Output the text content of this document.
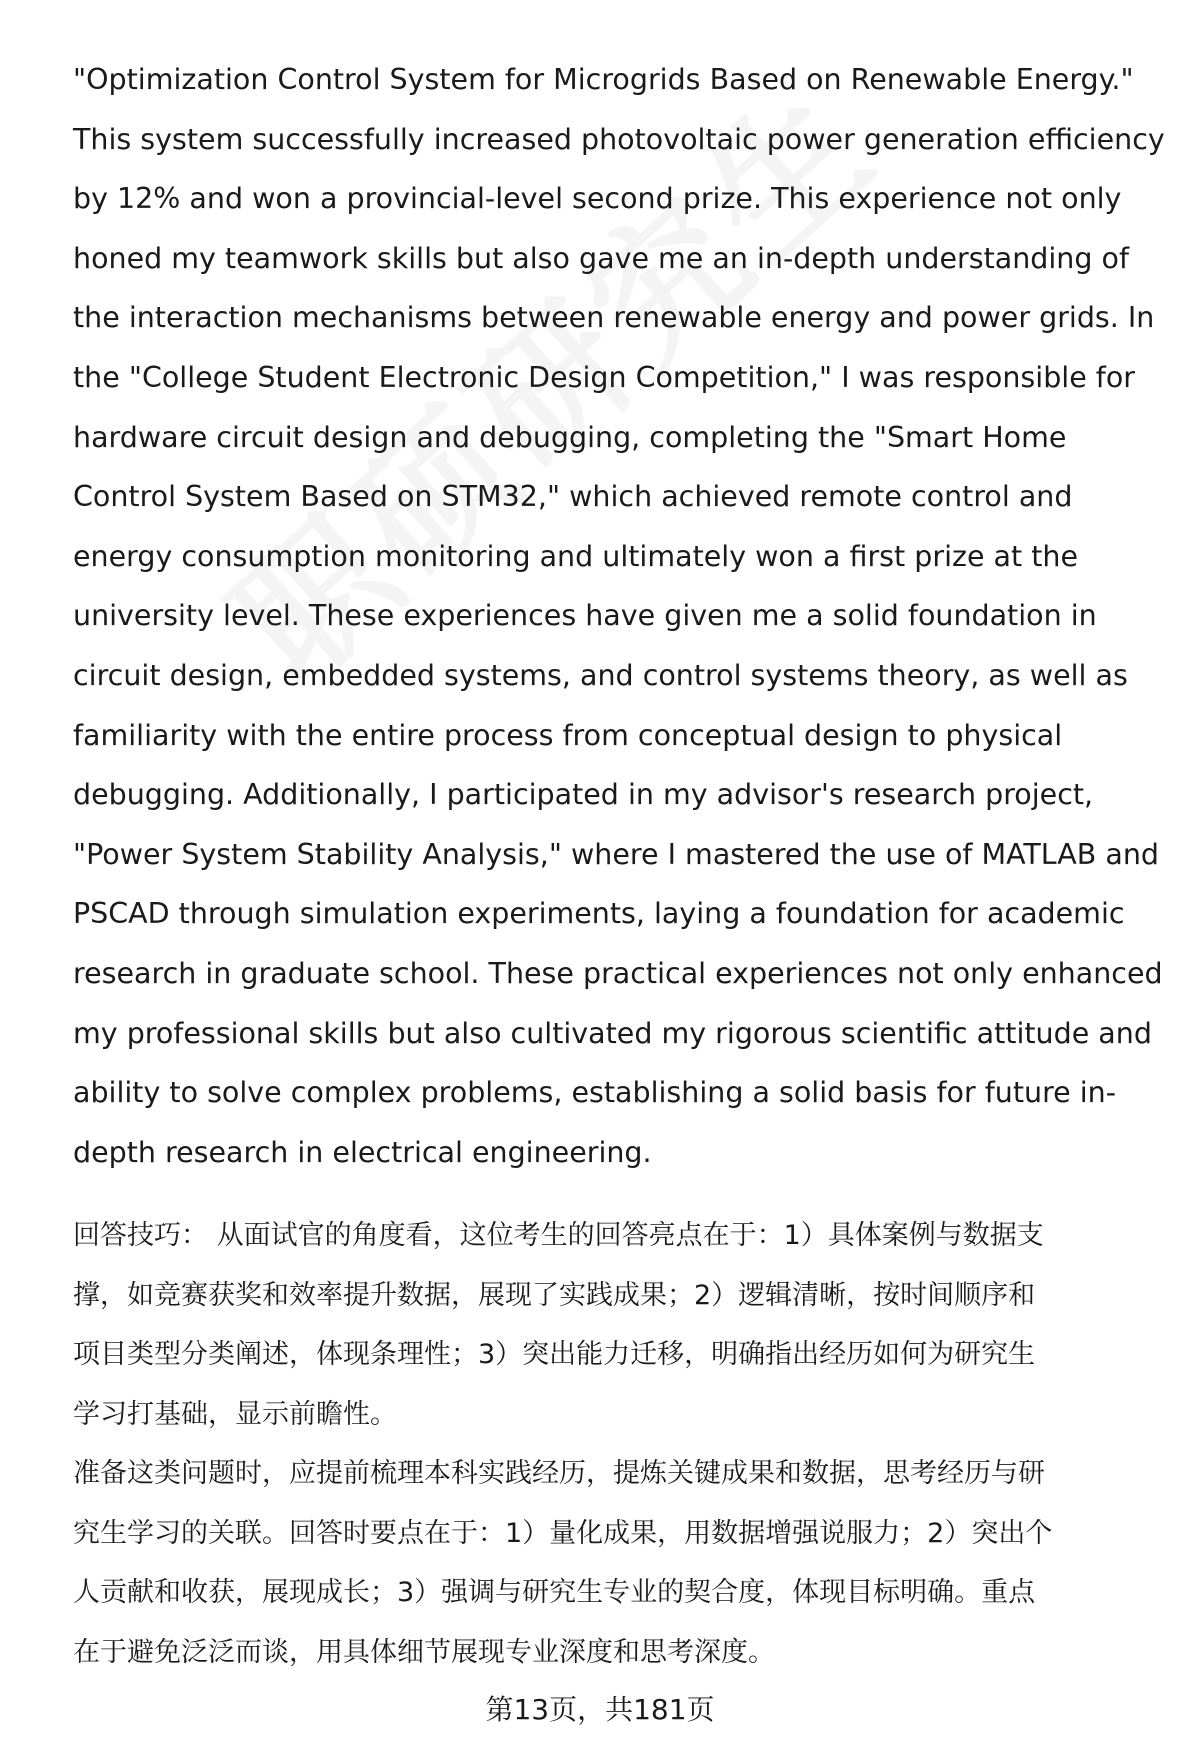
"Optimization Control System for Microgrids Based on Renewable Energy."
This system successfully increased photovoltaic power generation efficiency
by 12% and won a provincial-level second prize. This experience not only
honed my teamwork skills but also gave me an in-depth understanding of
the interaction mechanisms between renewable energy and power grids. In
the "College Student Electronic Design Competition," I was responsible for
hardware circuit design and debugging, completing the "Smart Home
Control System Based on STM32," which achieved remote control and
energy consumption monitoring and ultimately won a first prize at the
university level. These experiences have given me a solid foundation in
circuit design, embedded systems, and control systems theory, as well as
familiarity with the entire process from conceptual design to physical
debugging. Additionally, I participated in my advisor's research project,
"Power System Stability Analysis," where I mastered the use of MATLAB and
PSCAD through simulation experiments, laying a foundation for academic
research in graduate school. These practical experiences not only enhanced
my professional skills but also cultivated my rigorous scientific attitude and
ability to solve complex problems, establishing a solid basis for future in-
depth research in electrical engineering.
回答技巧： 从面试官的角度看，这位考生的回答亮点在于：1）具体案例与数据支
撑，如竞赛获奖和效率提升数据，展现了实践成果；2）逻辑清晰，按时间顺序和
项目类型分类阐述，体现条理性；3）突出能力迁移，明确指出经历如何为研究生
学习打基础，显示前瞻性。
准备这类问题时，应提前梳理本科实践经历，提炼关键成果和数据，思考经历与研
究生学习的关联。回答时要点在于：1）量化成果，用数据增强说服力；2）突出个
人贡献和收获，展现成长；3）强调与研究生专业的契合度，体现目标明确。重点
在于避免泛泛而谈，用具体细节展现专业深度和思考深度。
第13页，共181页
